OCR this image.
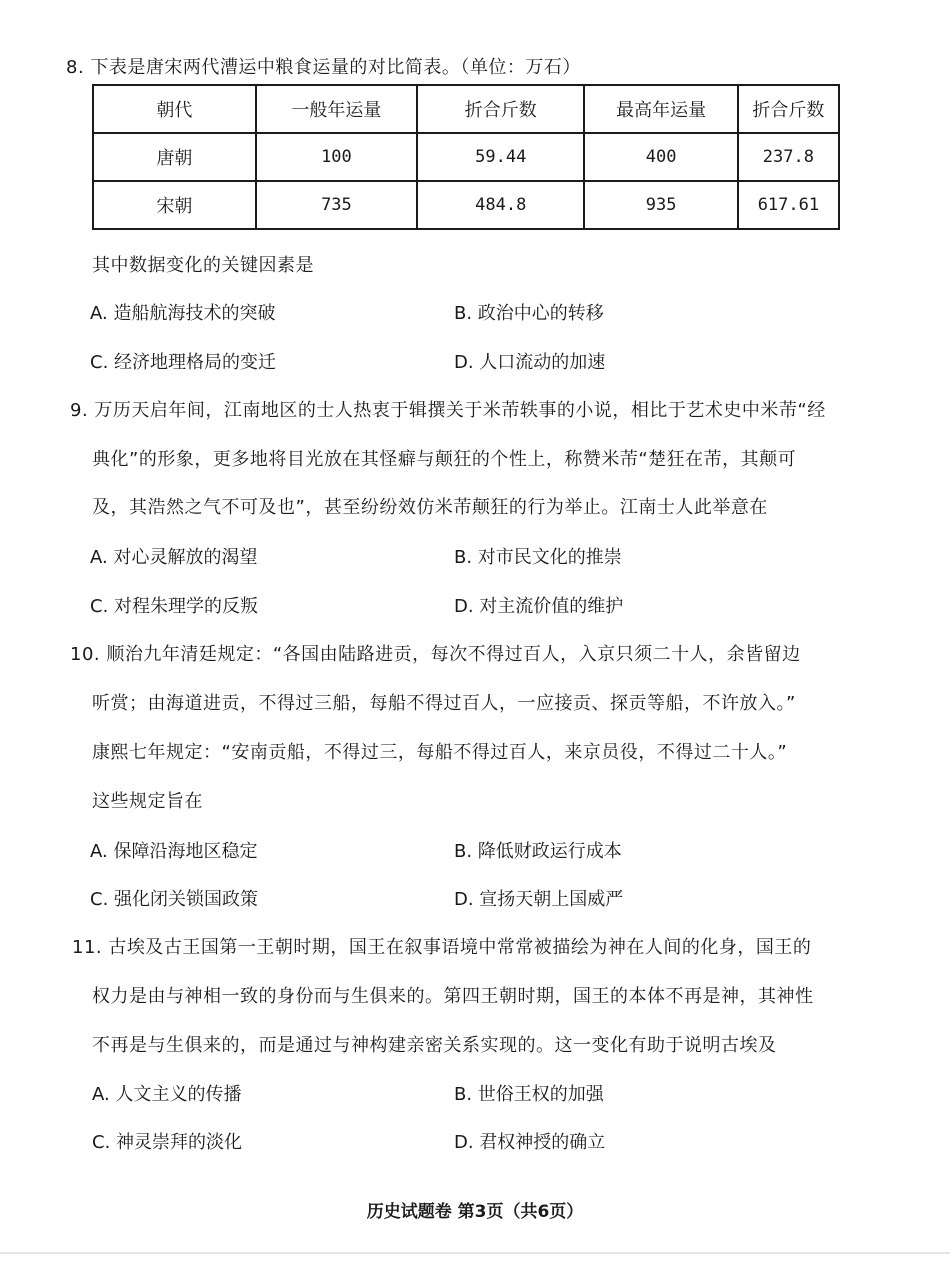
8. 下表是唐宋两代漕运中粮食运量的对比简表。（单位：万石）
朝代	一般年运量	折合斤数	最高年运量	折合斤数
唐朝	100	59.44	400	237.8
宋朝	735	484.8	935	617.61
其中数据变化的关键因素是
A. 造船航海技术的突破	B. 政治中心的转移
C. 经济地理格局的变迁	D. 人口流动的加速
9. 万历天启年间，江南地区的士人热衷于辑撰关于米芾轶事的小说，相比于艺术史中米芾“经
典化”的形象，更多地将目光放在其怪癖与颠狂的个性上，称赞米芾“楚狂在芾，其颠可
及，其浩然之气不可及也”，甚至纷纷效仿米芾颠狂的行为举止。江南士人此举意在
A. 对心灵解放的渴望	B. 对市民文化的推崇
C. 对程朱理学的反叛	D. 对主流价值的维护
10. 顺治九年清廷规定：“各国由陆路进贡，每次不得过百人，入京只须二十人，余皆留边
听赏；由海道进贡，不得过三船，每船不得过百人，一应接贡、探贡等船，不许放入。”
康熙七年规定：“安南贡船，不得过三，每船不得过百人，来京员役，不得过二十人。”
这些规定旨在
A. 保障沿海地区稳定	B. 降低财政运行成本
C. 强化闭关锁国政策	D. 宣扬天朝上国威严
11. 古埃及古王国第一王朝时期，国王在叙事语境中常常被描绘为神在人间的化身，国王的
权力是由与神相一致的身份而与生俱来的。第四王朝时期，国王的本体不再是神，其神性
不再是与生俱来的，而是通过与神构建亲密关系实现的。这一变化有助于说明古埃及
A. 人文主义的传播	B. 世俗王权的加强
C. 神灵崇拜的淡化	D. 君权神授的确立
历史试题卷 第3页（共6页）
